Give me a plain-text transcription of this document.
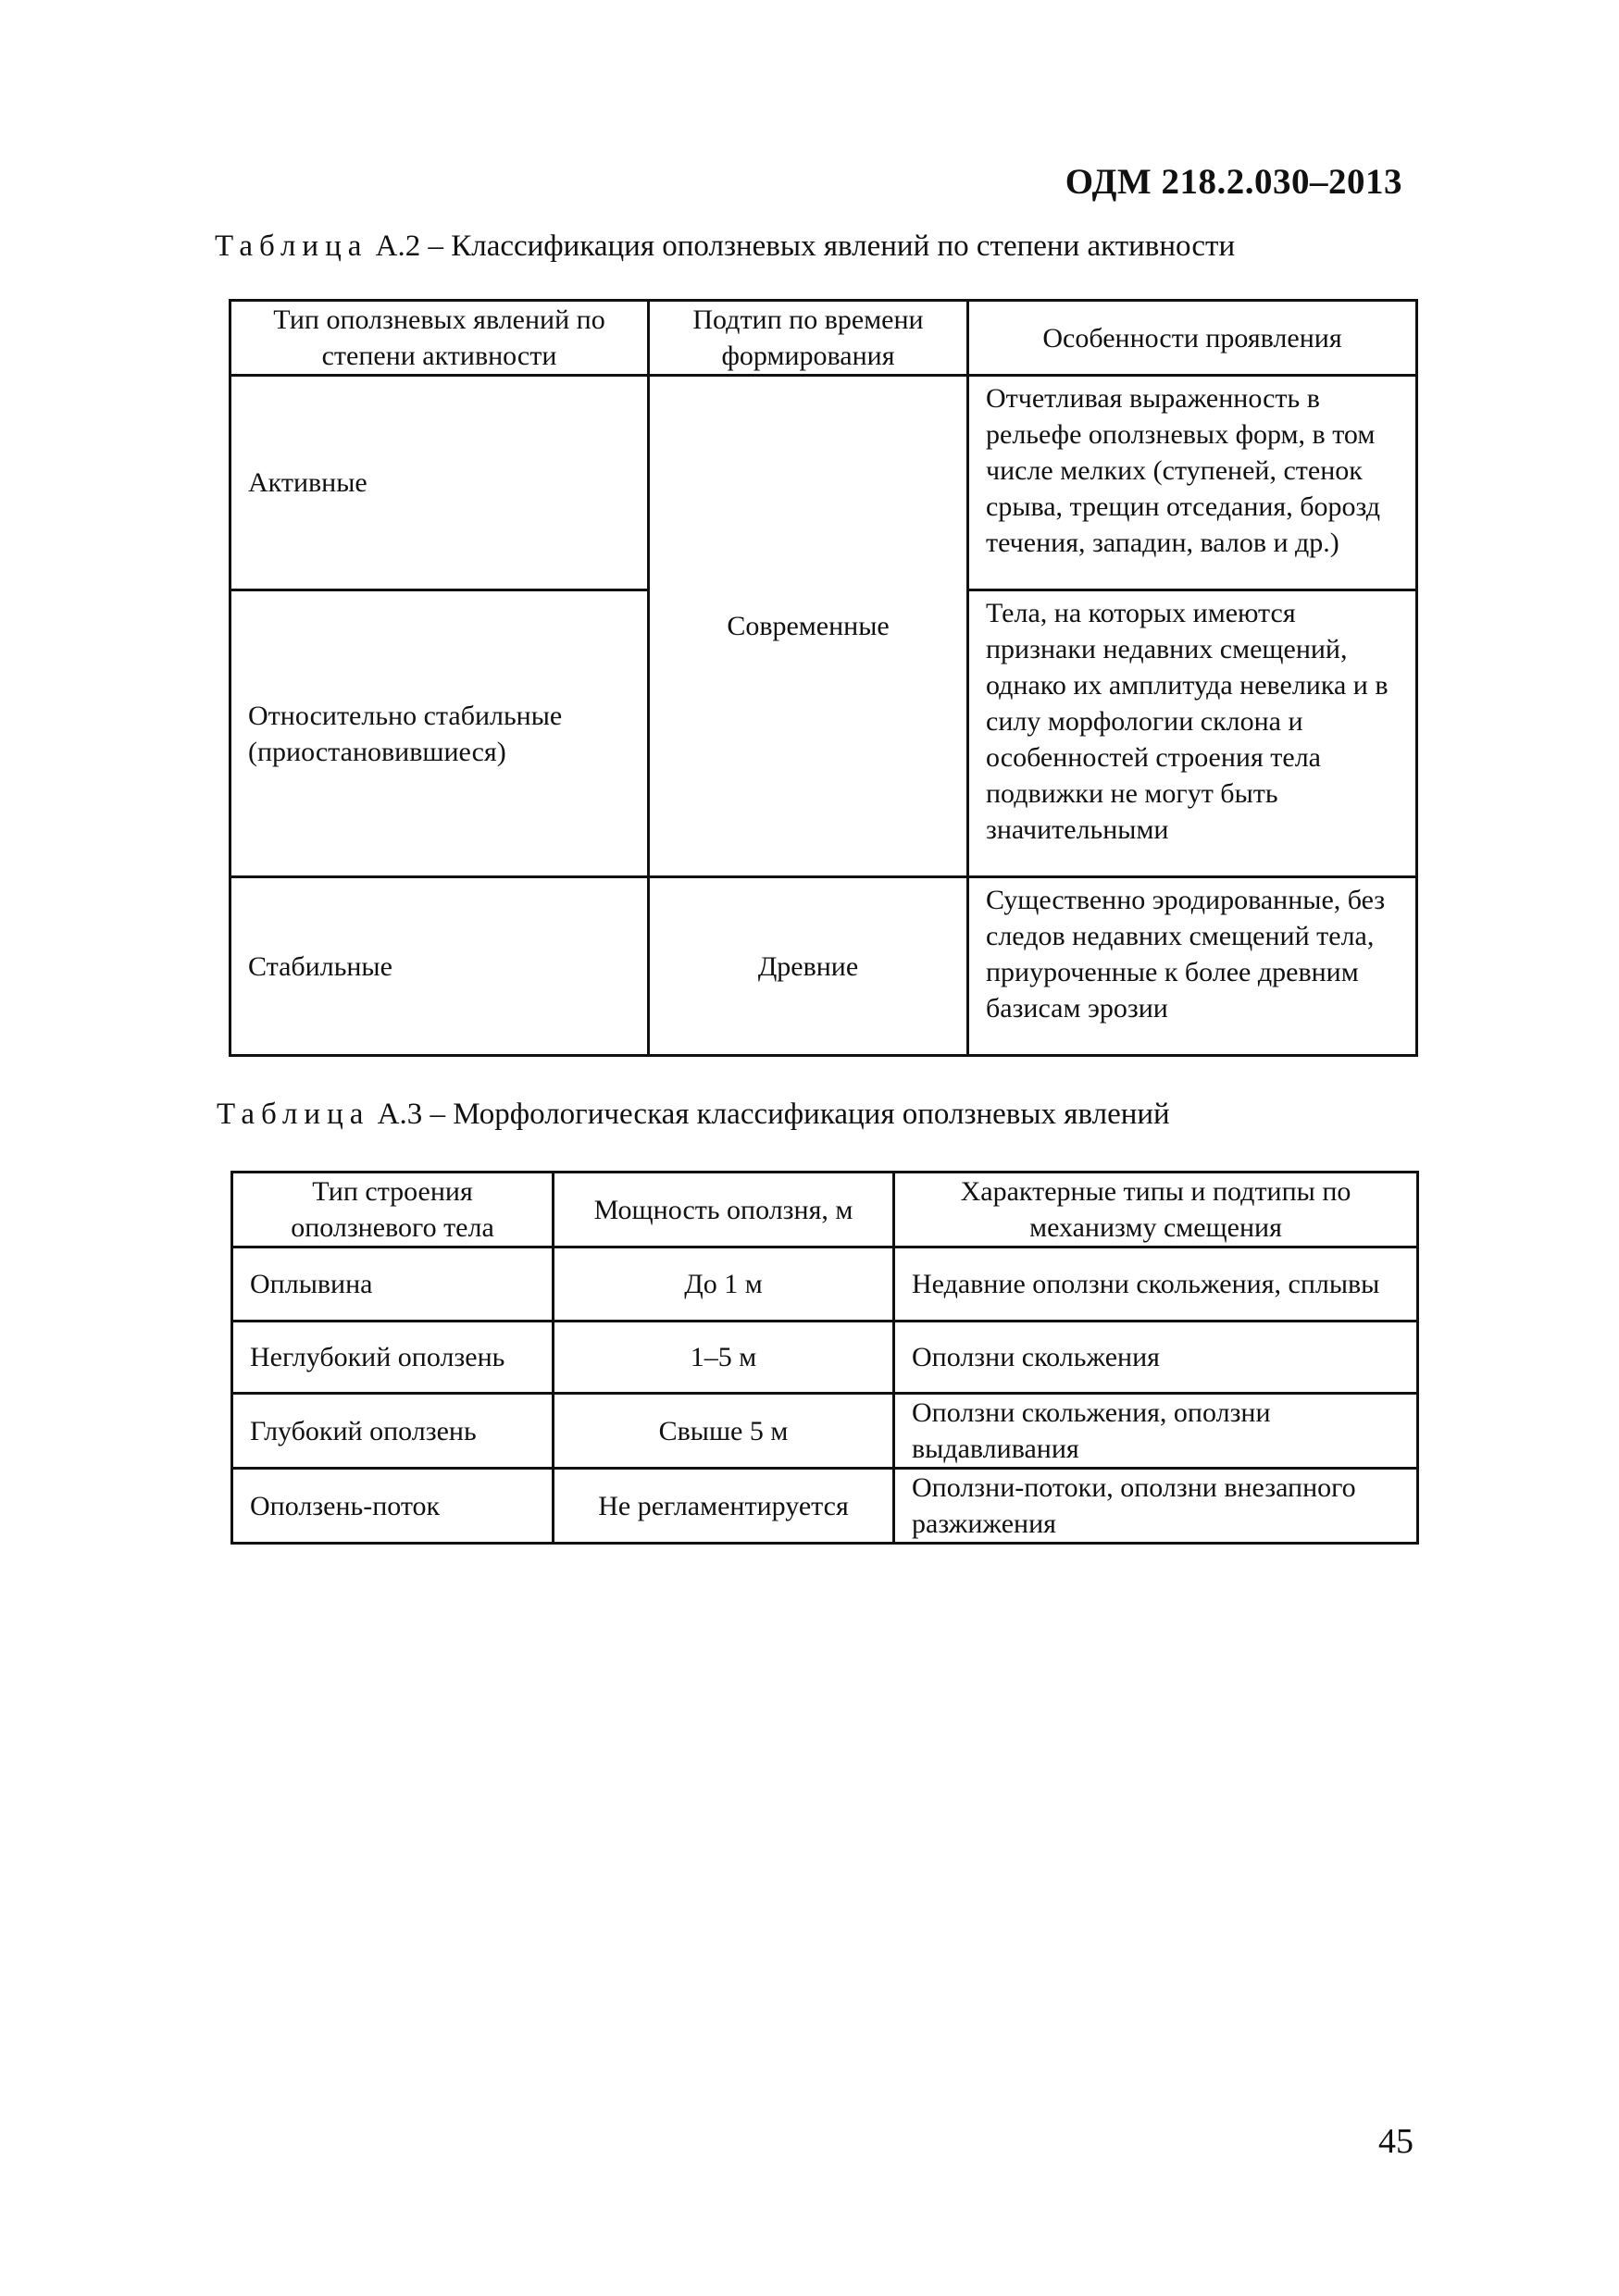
ОДМ 218.2.030–2013
Таблица А.2 – Классификация оползневых явлений по степени активности
Тип оползневых явлений по степени активности	Подтип по времени формирования	Особенности проявления
Активные	Современные	Отчетливая выраженность в рельефе оползневых форм, в том числе мелких (ступеней, стенок срыва, трещин отседания, борозд течения, западин, валов и др.)
Относительно стабильные (приостановившиеся)		Тела, на которых имеются признаки недавних смещений, однако их амплитуда невелика и в силу морфологии склона и особенностей строения тела подвижки не могут быть значительными
Стабильные	Древние	Существенно эродированные, без следов недавних смещений тела, приуроченные к более древним базисам эрозии
Таблица А.3 – Морфологическая классификация оползневых явлений
Тип строения оползневого тела	Мощность оползня, м	Характерные типы и подтипы по механизму смещения
Оплывина	До 1 м	Недавние оползни скольжения, сплывы
Неглубокий оползень	1–5 м	Оползни скольжения
Глубокий оползень	Свыше 5 м	Оползни скольжения, оползни выдавливания
Оползень-поток	Не регламентируется	Оползни-потоки, оползни внезапного разжижения
45
